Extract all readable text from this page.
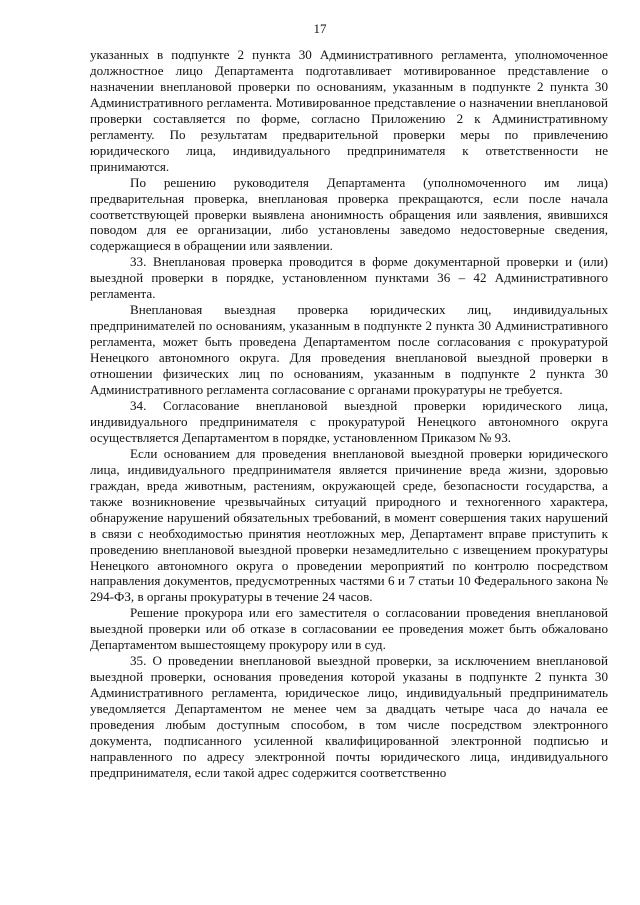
17

указанных в подпункте 2 пункта 30 Административного регламента, уполномоченное должностное лицо Департамента подготавливает мотивированное представление о назначении внеплановой проверки по основаниям, указанным в подпункте 2 пункта 30 Административного регламента. Мотивированное представление о назначении внеплановой проверки составляется по форме, согласно Приложению 2 к Административному регламенту. По результатам предварительной проверки меры по привлечению юридического лица, индивидуального предпринимателя к ответственности не принимаются.

По решению руководителя Департамента (уполномоченного им лица) предварительная проверка, внеплановая проверка прекращаются, если после начала соответствующей проверки выявлена анонимность обращения или заявления, явившихся поводом для ее организации, либо установлены заведомо недостоверные сведения, содержащиеся в обращении или заявлении.

33. Внеплановая проверка проводится в форме документарной проверки и (или) выездной проверки в порядке, установленном пунктами 36 – 42 Административного регламента.

Внеплановая выездная проверка юридических лиц, индивидуальных предпринимателей по основаниям, указанным в подпункте 2 пункта 30 Административного регламента, может быть проведена Департаментом после согласования с прокуратурой Ненецкого автономного округа. Для проведения внеплановой выездной проверки в отношении физических лиц по основаниям, указанным в подпункте 2 пункта 30 Административного регламента согласование с органами прокуратуры не требуется.

34. Согласование внеплановой выездной проверки юридического лица, индивидуального предпринимателя с прокуратурой Ненецкого автономного округа осуществляется Департаментом в порядке, установленном Приказом № 93.

Если основанием для проведения внеплановой выездной проверки юридического лица, индивидуального предпринимателя является причинение вреда жизни, здоровью граждан, вреда животным, растениям, окружающей среде, безопасности государства, а также возникновение чрезвычайных ситуаций природного и техногенного характера, обнаружение нарушений обязательных требований, в момент совершения таких нарушений в связи с необходимостью принятия неотложных мер, Департамент вправе приступить к проведению внеплановой выездной проверки незамедлительно с извещением прокуратуры Ненецкого автономного округа о проведении мероприятий по контролю посредством направления документов, предусмотренных частями 6 и 7 статьи 10 Федерального закона № 294-ФЗ, в органы прокуратуры в течение 24 часов.

Решение прокурора или его заместителя о согласовании проведения внеплановой выездной проверки или об отказе в согласовании ее проведения может быть обжаловано Департаментом вышестоящему прокурору или в суд.

35. О проведении внеплановой выездной проверки, за исключением внеплановой выездной проверки, основания проведения которой указаны в подпункте 2 пункта 30 Административного регламента, юридическое лицо, индивидуальный предприниматель уведомляется Департаментом не менее чем за двадцать четыре часа до начала ее проведения любым доступным способом, в том числе посредством электронного документа, подписанного усиленной квалифицированной электронной подписью и направленного по адресу электронной почты юридического лица, индивидуального предпринимателя, если такой адрес содержится соответственно
